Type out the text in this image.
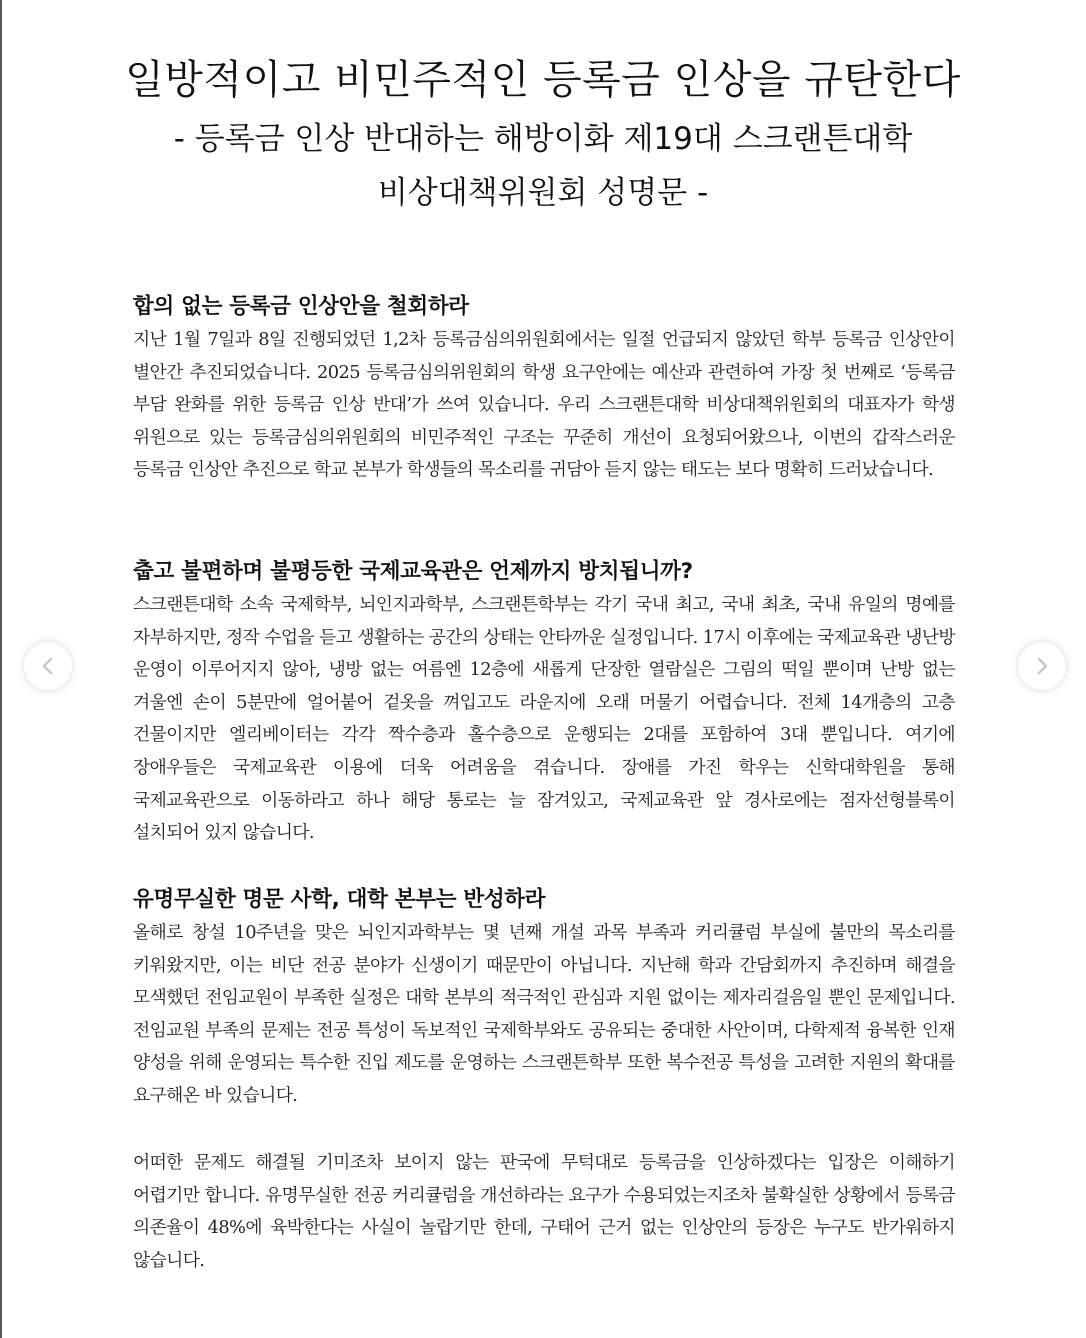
일방적이고 비민주적인 등록금 인상을 규탄한다
- 등록금 인상 반대하는 해방이화 제19대 스크랜튼대학
비상대책위원회 성명문 -
합의 없는 등록금 인상안을 철회하라

지난 1월 7일과 8일 진행되었던 1,2차 등록금심의위원회에서는 일절 언급되지 않았던 학부 등록금 인상안이 별안간 추진되었습니다. 2025 등록금심의위원회의 학생 요구안에는 예산과 관련하여 가장 첫 번째로 ‘등록금 부담 완화를 위한 등록금 인상 반대’가 쓰여 있습니다. 우리 스크랜튼대학 비상대책위원회의 대표자가 학생 위원으로 있는 등록금심의위원회의 비민주적인 구조는 꾸준히 개선이 요청되어왔으나, 이번의 갑작스러운 등록금 인상안 추진으로 학교 본부가 학생들의 목소리를 귀담아 듣지 않는 태도는 보다 명확히 드러났습니다.

춥고 불편하며 불평등한 국제교육관은 언제까지 방치됩니까?

스크랜튼대학 소속 국제학부, 뇌인지과학부, 스크랜튼학부는 각기 국내 최고, 국내 최초, 국내 유일의 명예를 자부하지만, 정작 수업을 듣고 생활하는 공간의 상태는 안타까운 실정입니다. 17시 이후에는 국제교육관 냉난방 운영이 이루어지지 않아, 냉방 없는 여름엔 12층에 새롭게 단장한 열람실은 그림의 떡일 뿐이며 난방 없는 겨울엔 손이 5분만에 얼어붙어 겉옷을 껴입고도 라운지에 오래 머물기 어렵습니다. 전체 14개층의 고층 건물이지만 엘리베이터는 각각 짝수층과 홀수층으로 운행되는 2대를 포함하여 3대 뿐입니다. 여기에 장애우들은 국제교육관 이용에 더욱 어려움을 겪습니다. 장애를 가진 학우는 신학대학원을 통해 국제교육관으로 이동하라고 하나 해당 통로는 늘 잠겨있고, 국제교육관 앞 경사로에는 점자선형블록이 설치되어 있지 않습니다.

유명무실한 명문 사학, 대학 본부는 반성하라

올해로 창설 10주년을 맞은 뇌인지과학부는 몇 년째 개설 과목 부족과 커리큘럼 부실에 불만의 목소리를 키워왔지만, 이는 비단 전공 분야가 신생이기 때문만이 아닙니다. 지난해 학과 간담회까지 추진하며 해결을 모색했던 전임교원이 부족한 실정은 대학 본부의 적극적인 관심과 지원 없이는 제자리걸음일 뿐인 문제입니다. 전임교원 부족의 문제는 전공 특성이 독보적인 국제학부와도 공유되는 중대한 사안이며, 다학제적 융복한 인재 양성을 위해 운영되는 특수한 진입 제도를 운영하는 스크랜튼학부 또한 복수전공 특성을 고려한 지원의 확대를 요구해온 바 있습니다.

어떠한 문제도 해결될 기미조차 보이지 않는 판국에 무턱대로 등록금을 인상하겠다는 입장은 이해하기 어렵기만 합니다. 유명무실한 전공 커리큘럼을 개선하라는 요구가 수용되었는지조차 불확실한 상황에서 등록금 의존율이 48%에 육박한다는 사실이 놀랍기만 한데, 구태어 근거 없는 인상안의 등장은 누구도 반가워하지 않습니다.
